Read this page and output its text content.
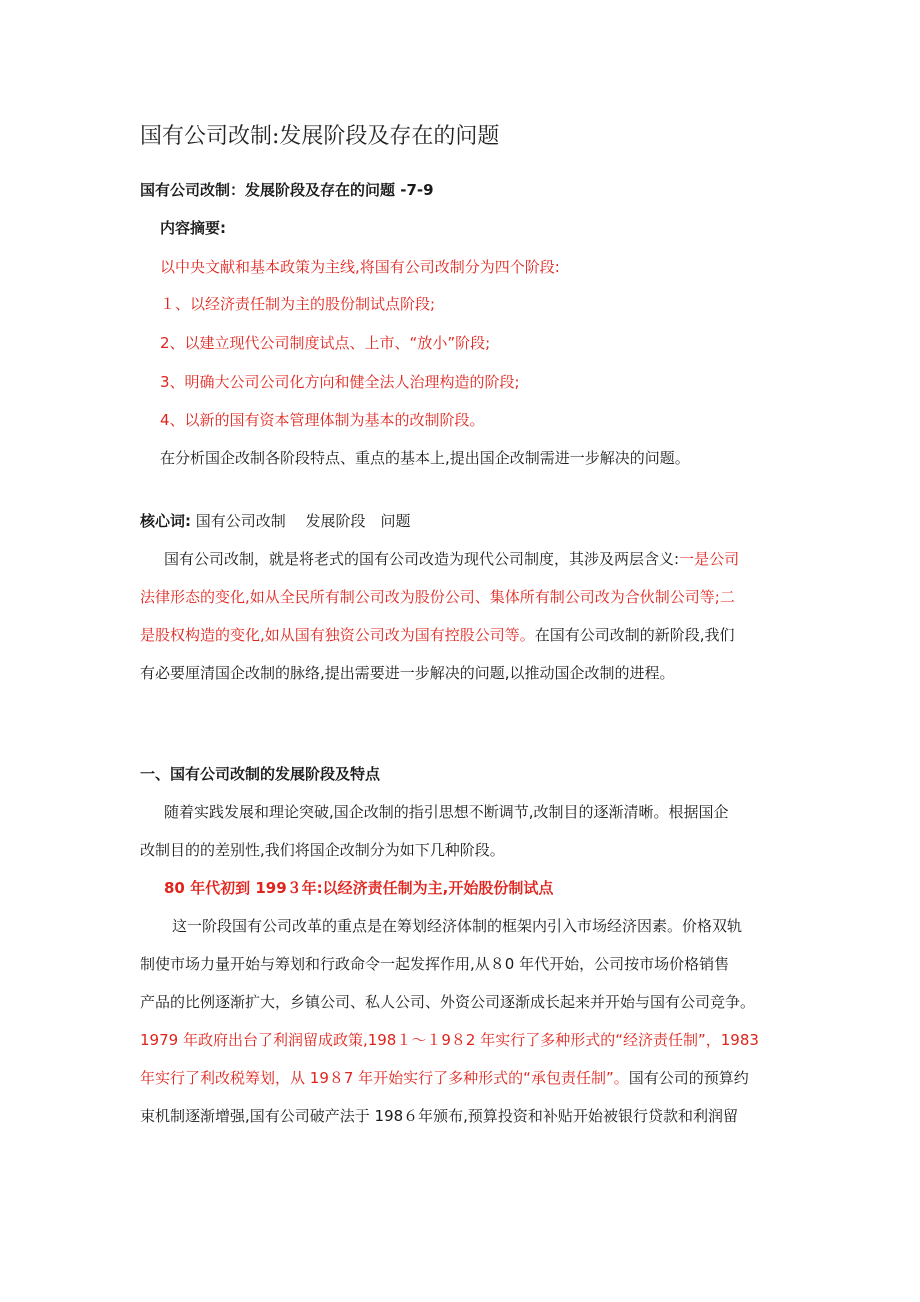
国有公司改制:发展阶段及存在的问题
国有公司改制：发展阶段及存在的问题 -7-9
内容摘要:
以中央文献和基本政策为主线,将国有公司改制分为四个阶段:
１、以经济责任制为主的股份制试点阶段;
2、以建立现代公司制度试点、上市、“放小”阶段;
3、明确大公司公司化方向和健全法人治理构造的阶段;
4、以新的国有资本管理体制为基本的改制阶段。
在分析国企改制各阶段特点、重点的基本上,提出国企改制需进一步解决的问题。
核心词: 国有公司改制　 发展阶段　问题
国有公司改制，就是将老式的国有公司改造为现代公司制度，其涉及两层含义:一是公司
法律形态的变化,如从全民所有制公司改为股份公司、集体所有制公司改为合伙制公司等;二
是股权构造的变化,如从国有独资公司改为国有控股公司等。在国有公司改制的新阶段,我们
有必要厘清国企改制的脉络,提出需要进一步解决的问题,以推动国企改制的进程。
一、国有公司改制的发展阶段及特点
随着实践发展和理论突破,国企改制的指引思想不断调节,改制目的逐渐清晰。根据国企
改制目的的差别性,我们将国企改制分为如下几种阶段。
80 年代初到 199３年:以经济责任制为主,开始股份制试点
这一阶段国有公司改革的重点是在筹划经济体制的框架内引入市场经济因素。价格双轨
制使市场力量开始与筹划和行政命令一起发挥作用,从８0 年代开始，公司按市场价格销售
产品的比例逐渐扩大，乡镇公司、私人公司、外资公司逐渐成长起来并开始与国有公司竞争。
1979 年政府出台了利润留成政策,198１～１9８2 年实行了多种形式的“经济责任制”，1983
年实行了利改税筹划，从 19８7 年开始实行了多种形式的“承包责任制”。国有公司的预算约
束机制逐渐增强,国有公司破产法于 198６年颁布,预算投资和补贴开始被银行贷款和利润留
